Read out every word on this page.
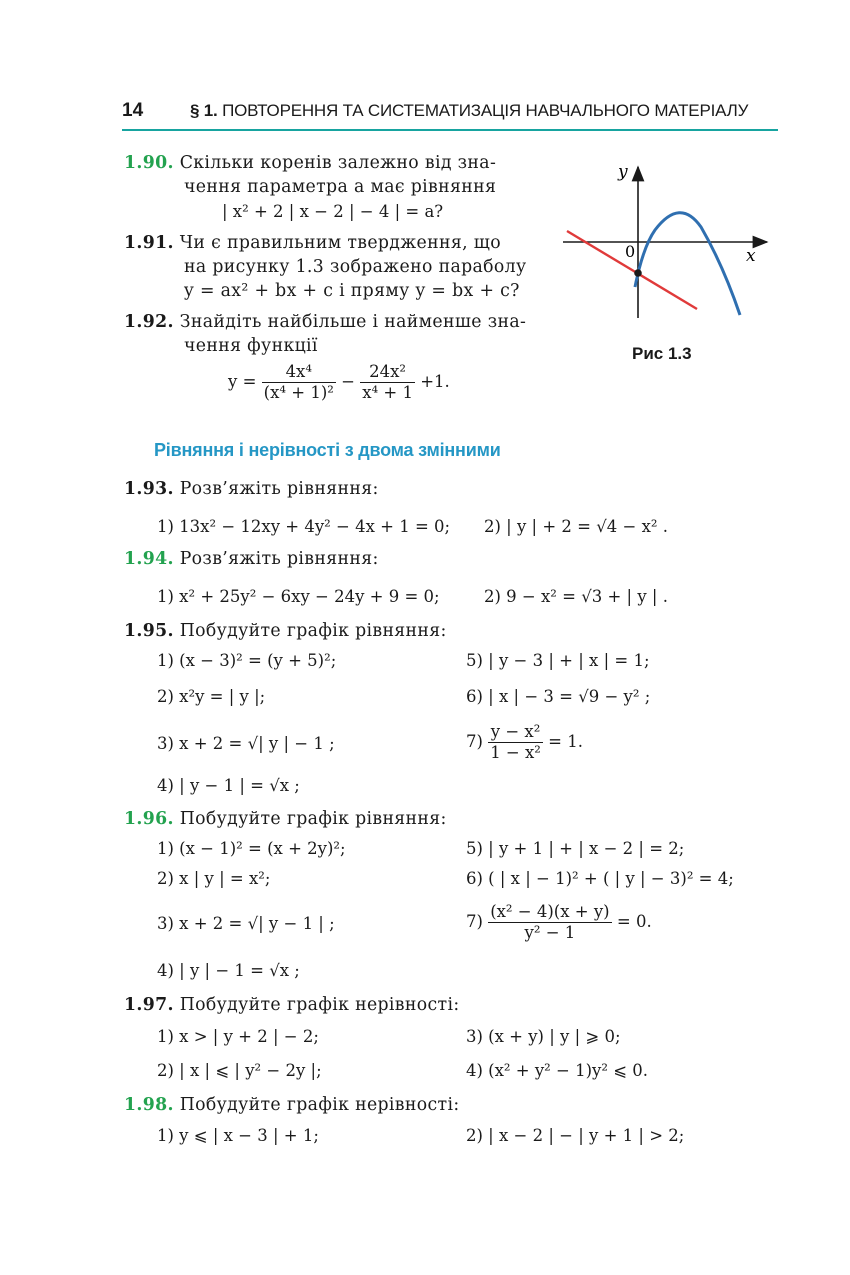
14	§ 1. ПОВТОРЕННЯ ТА СИСТЕМАТИЗАЦІЯ НАВЧАЛЬНОГО МАТЕРІАЛУ
y
x
0
Рис 1.3
1.90. Скільки коренів залежно від зна-
чення параметра a має рівняння
| x² + 2 | x − 2 | − 4 | = a?
1.91. Чи є правильним твердження, що
на рисунку 1.3 зображено параболу
y = ax² + bx + c і пряму y = bx + c?
1.92. Знайдіть найбільше і найменше зна-
чення функції
$y = \frac{\text{4x⁴}}{\text{(x⁴ + 1)²}} - \frac{\text{24x²}}{\text{x⁴ + 1}} +1$.
Рівняння і нерівності з двома змінними
1.93. Розв’яжіть рівняння:
1) 13x² − 12xy + 4y² − 4x + 1 = 0; 2) | y | + 2 = √4 − x² .
1.94. Розв’яжіть рівняння:
1) x² + 25y² − 6xy − 24y + 9 = 0;	2) 9 − x² = √3 + | y | .
1.95. Побудуйте графік рівняння:
1) (x − 3)² = (y + 5)²;	5) | y − 3 | + | x | = 1;
2) x²y = | y |;	6) | x | − 3 = √9 − y² ;
3) x + 2 = √| y | − 1 ;	$7) \frac{\text{y − x²}}{\text{1 − x²}} = 1$.
4) | y − 1 | = √x ;
1.96. Побудуйте графік рівняння:
1) (x − 1)² = (x + 2y)²;	5) | y + 1 | + | x − 2 | = 2;
2) x | y | = x²;	6) ( | x | − 1)² + ( | y | − 3)² = 4;
3) x + 2 = √| y − 1 | ;	$7) \frac{\text{(x² − 4)(x + y)}}{\text{y² − 1}} = 0$.
4) | y | − 1 = √x ;
1.97. Побудуйте графік нерівності:
1) x > | y + 2 | − 2;	3) (x + y) | y | ⩾ 0;
2) | x | ⩽ | y² − 2y |;	4) (x² + y² − 1)y² ⩽ 0.
1.98. Побудуйте графік нерівності:
1) y ⩽ | x − 3 | + 1;	2) | x − 2 | − | y + 1 | > 2;
